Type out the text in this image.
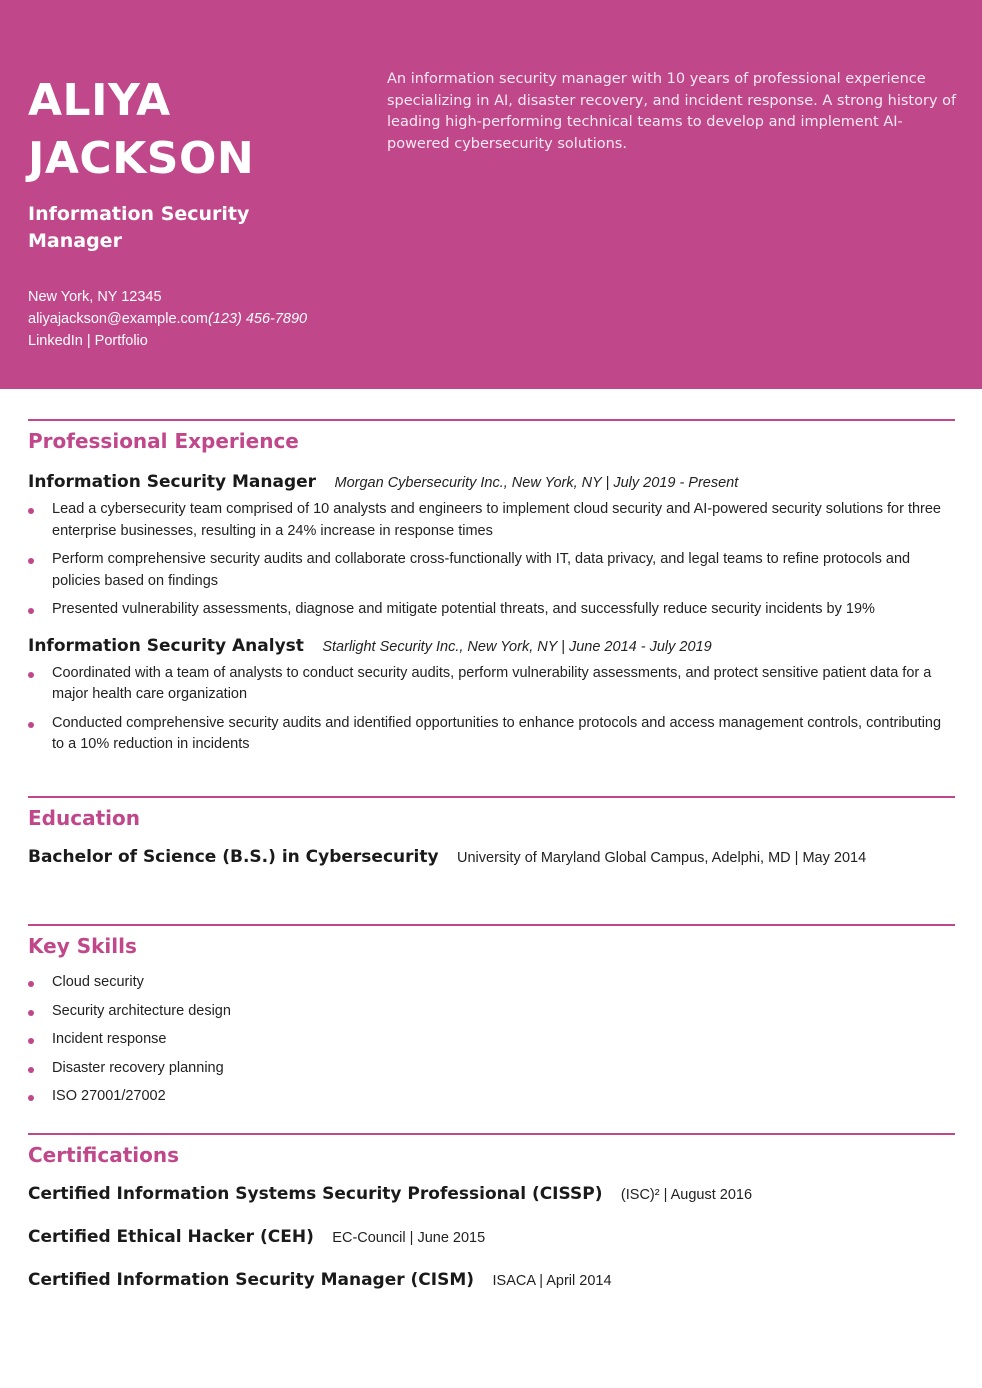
ALIYA
JACKSON
Information Security Manager
New York, NY 12345
aliyajackson@example.com(123) 456-7890
LinkedIn | Portfolio
An information security manager with 10 years of professional experience specializing in AI, disaster recovery, and incident response. A strong history of leading high-performing technical teams to develop and implement AI-powered cybersecurity solutions.
Professional Experience
Information Security Manager Morgan Cybersecurity Inc., New York, NY | July 2019 - Present
Lead a cybersecurity team comprised of 10 analysts and engineers to implement cloud security and AI-powered security solutions for three enterprise businesses, resulting in a 24% increase in response times
Perform comprehensive security audits and collaborate cross-functionally with IT, data privacy, and legal teams to refine protocols and policies based on findings
Presented vulnerability assessments, diagnose and mitigate potential threats, and successfully reduce security incidents by 19%
Information Security Analyst Starlight Security Inc., New York, NY | June 2014 - July 2019
Coordinated with a team of analysts to conduct security audits, perform vulnerability assessments, and protect sensitive patient data for a major health care organization
Conducted comprehensive security audits and identified opportunities to enhance protocols and access management controls, contributing to a 10% reduction in incidents
Education
Bachelor of Science (B.S.) in Cybersecurity University of Maryland Global Campus, Adelphi, MD | May 2014
Key Skills
Cloud security
Security architecture design
Incident response
Disaster recovery planning
ISO 27001/27002
Certifications
Certified Information Systems Security Professional (CISSP) (ISC)² | August 2016
Certified Ethical Hacker (CEH) EC-Council | June 2015
Certified Information Security Manager (CISM) ISACA | April 2014
